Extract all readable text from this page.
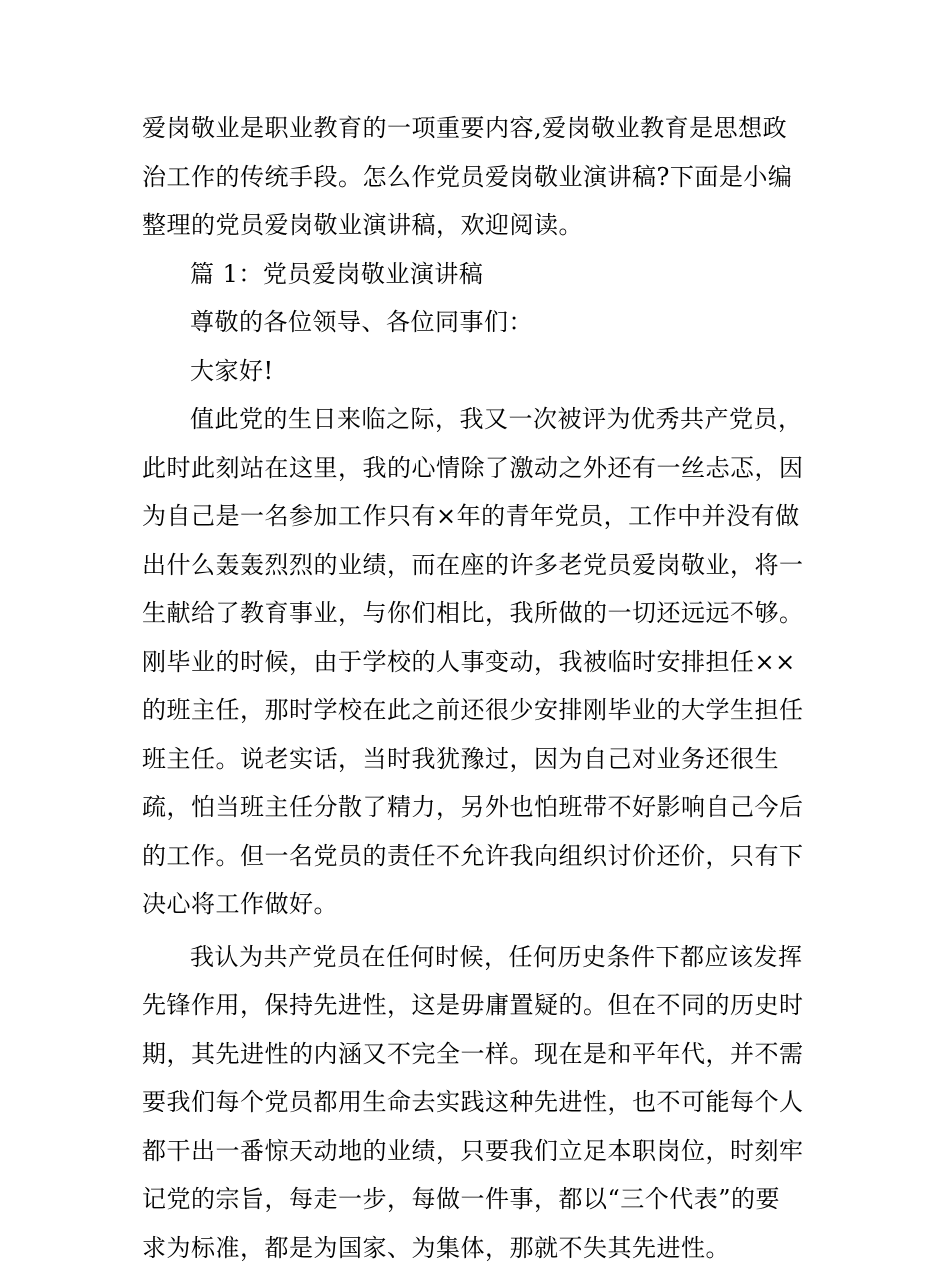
爱岗敬业是职业教育的一项重要内容,爱岗敬业教育是思想政
治工作的传统手段。怎么作党员爱岗敬业演讲稿?下面是小编
整理的党员爱岗敬业演讲稿，欢迎阅读。

篇 1：党员爱岗敬业演讲稿

尊敬的各位领导、各位同事们：

大家好!

值此党的生日来临之际，我又一次被评为优秀共产党员，
此时此刻站在这里，我的心情除了激动之外还有一丝忐忑，因
为自己是一名参加工作只有×年的青年党员，工作中并没有做
出什么轰轰烈烈的业绩，而在座的许多老党员爱岗敬业，将一
生献给了教育事业，与你们相比，我所做的一切还远远不够。
刚毕业的时候，由于学校的人事变动，我被临时安排担任××
的班主任，那时学校在此之前还很少安排刚毕业的大学生担任
班主任。说老实话，当时我犹豫过，因为自己对业务还很生
疏，怕当班主任分散了精力，另外也怕班带不好影响自己今后
的工作。但一名党员的责任不允许我向组织讨价还价，只有下
决心将工作做好。

我认为共产党员在任何时候，任何历史条件下都应该发挥
先锋作用，保持先进性，这是毋庸置疑的。但在不同的历史时
期，其先进性的内涵又不完全一样。现在是和平年代，并不需
要我们每个党员都用生命去实践这种先进性，也不可能每个人
都干出一番惊天动地的业绩，只要我们立足本职岗位，时刻牢
记党的宗旨，每走一步，每做一件事，都以“三个代表”的要
求为标准，都是为国家、为集体，那就不失其先进性。
